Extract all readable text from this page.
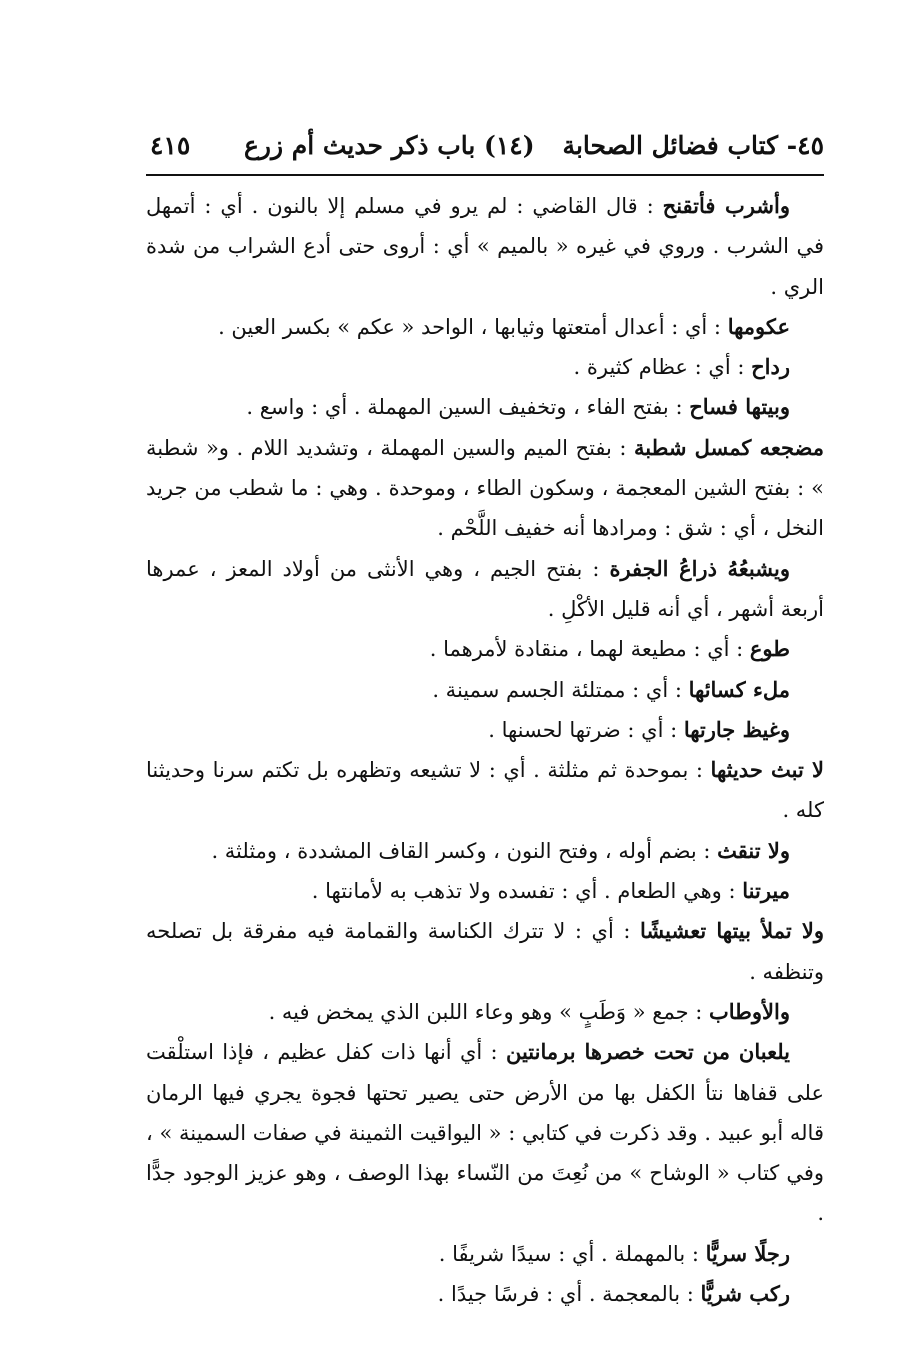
٤٥- كتاب فضائل الصحابة(١٤) باب ذكر حديث أم زرع
٤١٥

وأشرب فأتقنح : قال القاضي : لم يرو في مسلم إلا بالنون . أي : أتمهل في الشرب . وروي في غيره « بالميم » أي : أروى حتى أدع الشراب من شدة الري .

عكومها : أي : أعدال أمتعتها وثيابها ، الواحد « عكم » بكسر العين .

رداح : أي : عظام كثيرة .

وبيتها فساح : بفتح الفاء ، وتخفيف السين المهملة . أي : واسع .

مضجعه كمسل شطبة : بفتح الميم والسين المهملة ، وتشديد اللام . و« شطبة » : بفتح الشين المعجمة ، وسكون الطاء ، وموحدة . وهي : ما شطب من جريد النخل ، أي : شق : ومرادها أنه خفيف اللَّحْم .

ويشبعُهُ ذراعُ الجفرة : بفتح الجيم ، وهي الأنثى من أولاد المعز ، عمرها أربعة أشهر ، أي أنه قليل الأكْلِ .

طوع : أي : مطيعة لهما ، منقادة لأمرهما .

ملء كسائها : أي : ممتلئة الجسم سمينة .

وغيظ جارتها : أي : ضرتها لحسنها .

لا تبث حديثها : بموحدة ثم مثلثة . أي : لا تشيعه وتظهره بل تكتم سرنا وحديثنا كله .

ولا تنقث : بضم أوله ، وفتح النون ، وكسر القاف المشددة ، ومثلثة .

ميرتنا : وهي الطعام . أي : تفسده ولا تذهب به لأمانتها .

ولا تملأ بيتها تعشيشًا : أي : لا تترك الكناسة والقمامة فيه مفرقة بل تصلحه وتنظفه .

والأوطاب : جمع « وَطَبٍ » وهو وعاء اللبن الذي يمخض فيه .

يلعبان من تحت خصرها برمانتين : أي أنها ذات كفل عظيم ، فإذا استلْقت على قفاها نتأ الكفل بها من الأرض حتى يصير تحتها فجوة يجري فيها الرمان قاله أبو عبيد . وقد ذكرت في كتابي : « اليواقيت الثمينة في صفات السمينة » ، وفي كتاب « الوشاح » من نُعِتَ من النّساء بهذا الوصف ، وهو عزيز الوجود جدًّا .

رجلًا سريًّا : بالمهملة . أي : سيدًا شريفًا .

ركب شريًّا : بالمعجمة . أي : فرسًا جيدًا .
